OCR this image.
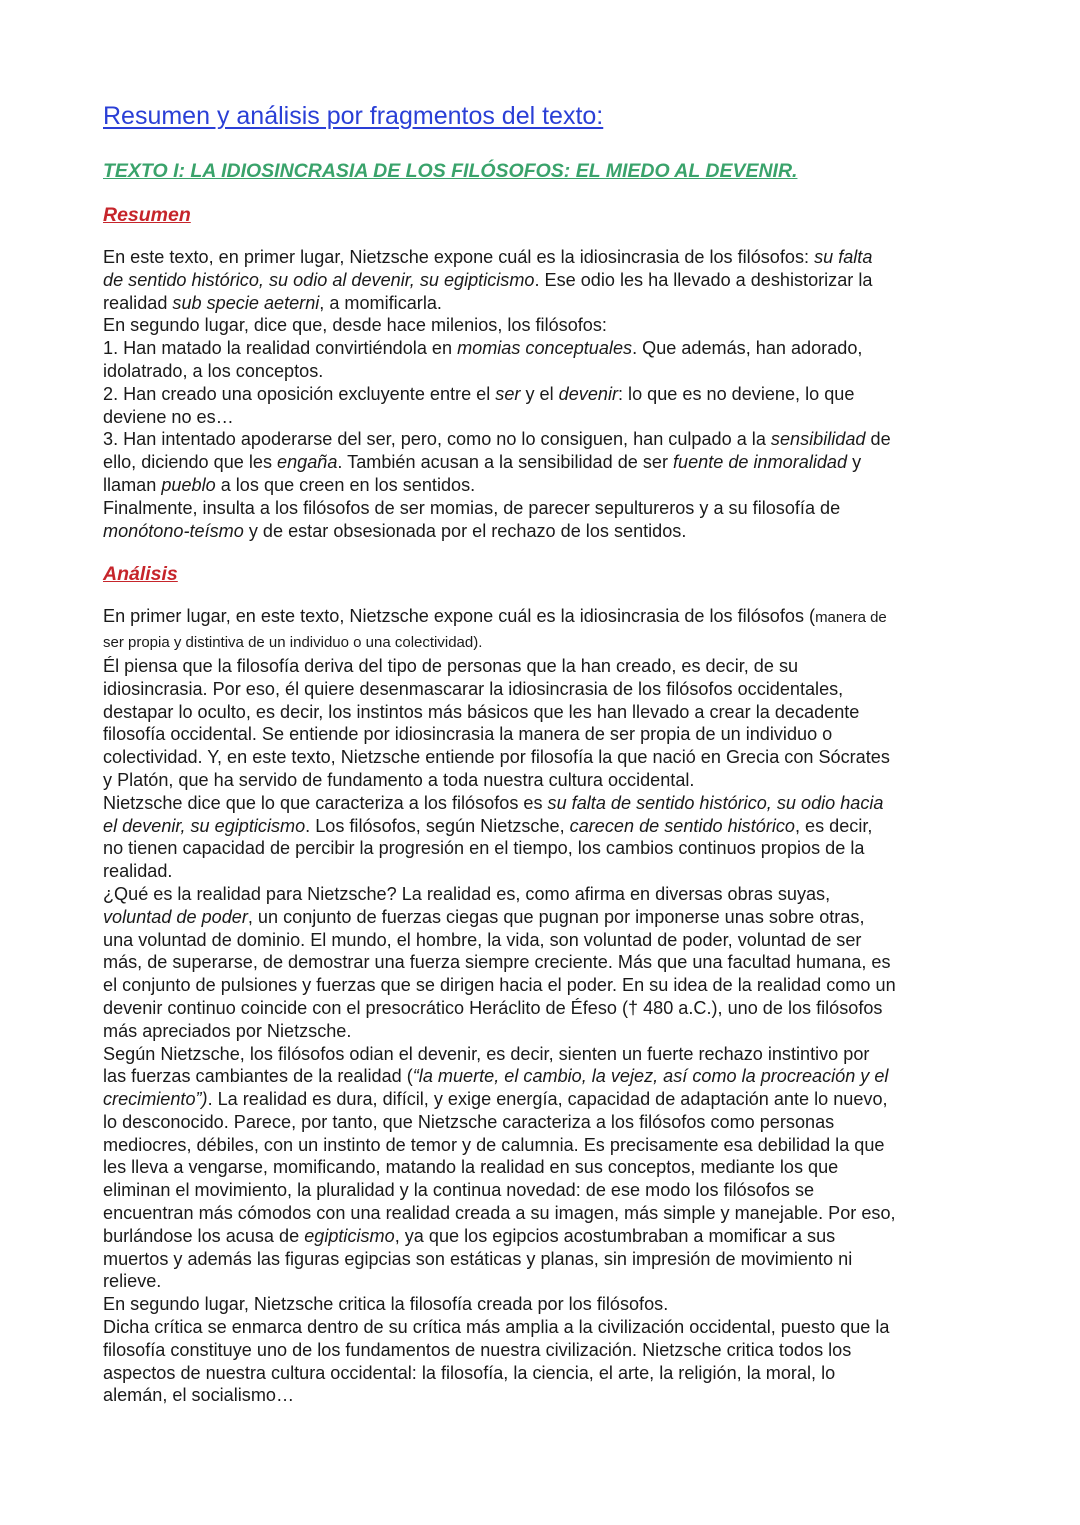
Resumen y análisis por fragmentos del texto:
TEXTO I: LA IDIOSINCRASIA DE LOS FILÓSOFOS: EL MIEDO AL DEVENIR.
Resumen

En este texto, en primer lugar, Nietzsche expone cuál es la idiosincrasia de los filósofos: su falta

de sentido histórico, su odio al devenir, su egipticismo. Ese odio les ha llevado a deshistorizar la

realidad sub specie aeterni, a momificarla.

En segundo lugar, dice que, desde hace milenios, los filósofos:

1. Han matado la realidad convirtiéndola en momias conceptuales. Que además, han adorado,

idolatrado, a los conceptos.

2. Han creado una oposición excluyente entre el ser y el devenir: lo que es no deviene, lo que

deviene no es…

3. Han intentado apoderarse del ser, pero, como no lo consiguen, han culpado a la sensibilidad de

ello, diciendo que les engaña. También acusan a la sensibilidad de ser fuente de inmoralidad y

llaman pueblo a los que creen en los sentidos.

Finalmente, insulta a los filósofos de ser momias, de parecer sepultureros y a su filosofía de

monótono-teísmo y de estar obsesionada por el rechazo de los sentidos.

Análisis

En primer lugar, en este texto, Nietzsche expone cuál es la idiosincrasia de los filósofos (manera de

ser propia y distintiva de un individuo o una colectividad).

Él piensa que la filosofía deriva del tipo de personas que la han creado, es decir, de su

idiosincrasia. Por eso, él quiere desenmascarar la idiosincrasia de los filósofos occidentales,

destapar lo oculto, es decir, los instintos más básicos que les han llevado a crear la decadente

filosofía occidental. Se entiende por idiosincrasia la manera de ser propia de un individuo o

colectividad. Y, en este texto, Nietzsche entiende por filosofía la que nació en Grecia con Sócrates

y Platón, que ha servido de fundamento a toda nuestra cultura occidental.

Nietzsche dice que lo que caracteriza a los filósofos es su falta de sentido histórico, su odio hacia

el devenir, su egipticismo. Los filósofos, según Nietzsche, carecen de sentido histórico, es decir,

no tienen capacidad de percibir la progresión en el tiempo, los cambios continuos propios de la

realidad.

¿Qué es la realidad para Nietzsche? La realidad es, como afirma en diversas obras suyas,

voluntad de poder, un conjunto de fuerzas ciegas que pugnan por imponerse unas sobre otras,

una voluntad de dominio. El mundo, el hombre, la vida, son voluntad de poder, voluntad de ser

más, de superarse, de demostrar una fuerza siempre creciente. Más que una facultad humana, es

el conjunto de pulsiones y fuerzas que se dirigen hacia el poder. En su idea de la realidad como un

devenir continuo coincide con el presocrático Heráclito de Éfeso († 480 a.C.), uno de los filósofos

más apreciados por Nietzsche.

Según Nietzsche, los filósofos odian el devenir, es decir, sienten un fuerte rechazo instintivo por

las fuerzas cambiantes de la realidad (“la muerte, el cambio, la vejez, así como la procreación y el

crecimiento”). La realidad es dura, difícil, y exige energía, capacidad de adaptación ante lo nuevo,

lo desconocido. Parece, por tanto, que Nietzsche caracteriza a los filósofos como personas

mediocres, débiles, con un instinto de temor y de calumnia. Es precisamente esa debilidad la que

les lleva a vengarse, momificando, matando la realidad en sus conceptos, mediante los que

eliminan el movimiento, la pluralidad y la continua novedad: de ese modo los filósofos se

encuentran más cómodos con una realidad creada a su imagen, más simple y manejable. Por eso,

burlándose los acusa de egipticismo, ya que los egipcios acostumbraban a momificar a sus

muertos y además las figuras egipcias son estáticas y planas, sin impresión de movimiento ni

relieve.

En segundo lugar, Nietzsche critica la filosofía creada por los filósofos.

Dicha crítica se enmarca dentro de su crítica más amplia a la civilización occidental, puesto que la

filosofía constituye uno de los fundamentos de nuestra civilización. Nietzsche critica todos los

aspectos de nuestra cultura occidental: la filosofía, la ciencia, el arte, la religión, la moral, lo

alemán, el socialismo…
